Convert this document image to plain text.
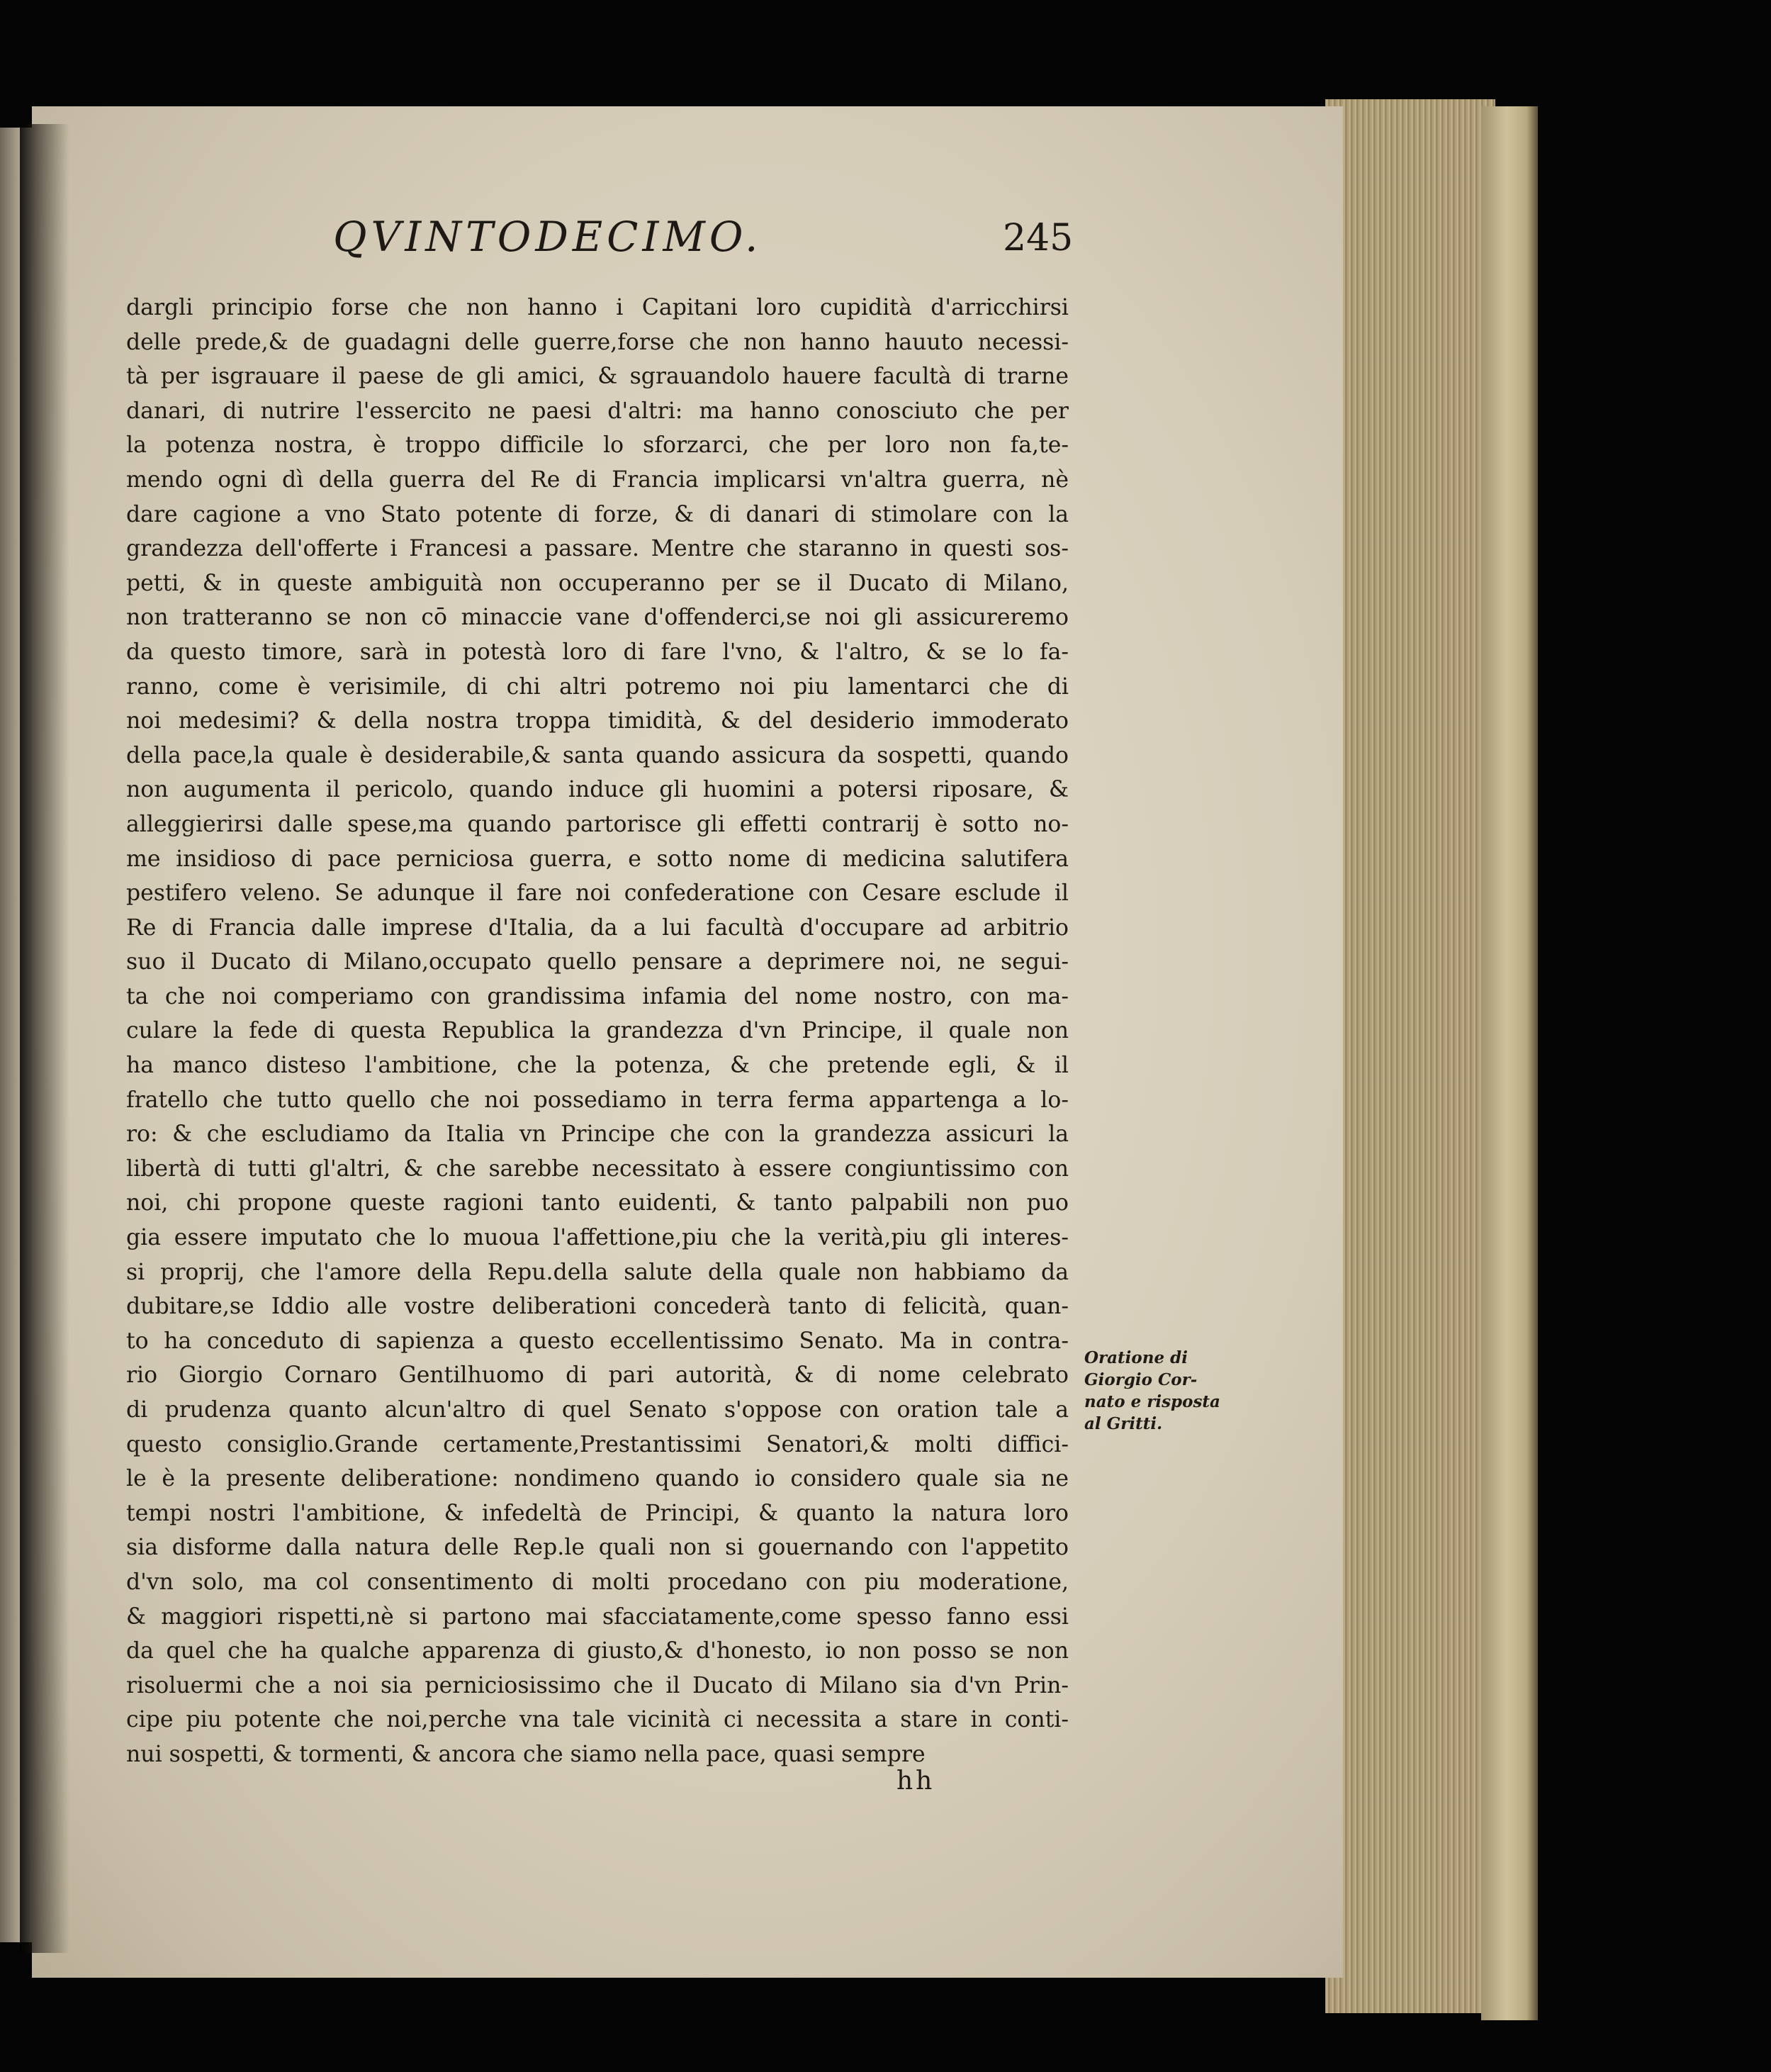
QVINTODECIMO.	245
dargli principio forse che non hanno i Capitani loro cupidità d'arricchirsi
delle prede,& de guadagni delle guerre,forse che non hanno hauuto necessi-
tà per isgrauare il paese de gli amici, & sgrauandolo hauere facultà di trarne
danari, di nutrire l'essercito ne paesi d'altri: ma hanno conosciuto che per
la potenza nostra, è troppo difficile lo sforzarci, che per loro non fa,te-
mendo ogni dì della guerra del Re di Francia implicarsi vn'altra guerra, nè
dare cagione a vno Stato potente di forze, & di danari di stimolare con la
grandezza dell'offerte i Francesi a passare. Mentre che staranno in questi sos-
petti, & in queste ambiguità non occuperanno per se il Ducato di Milano,
non tratteranno se non cō minaccie vane d'offenderci,se noi gli assicureremo
da questo timore, sarà in potestà loro di fare l'vno, & l'altro, & se lo fa-
ranno, come è verisimile, di chi altri potremo noi piu lamentarci che di
noi medesimi? & della nostra troppa timidità, & del desiderio immoderato
della pace,la quale è desiderabile,& santa quando assicura da sospetti, quando
non augumenta il pericolo, quando induce gli huomini a potersi riposare, &
alleggierirsi dalle spese,ma quando partorisce gli effetti contrarij è sotto no-
me insidioso di pace perniciosa guerra, e sotto nome di medicina salutifera
pestifero veleno. Se adunque il fare noi confederatione con Cesare esclude il
Re di Francia dalle imprese d'Italia, da a lui facultà d'occupare ad arbitrio
suo il Ducato di Milano,occupato quello pensare a deprimere noi, ne segui-
ta che noi comperiamo con grandissima infamia del nome nostro, con ma-
culare la fede di questa Republica la grandezza d'vn Principe, il quale non
ha manco disteso l'ambitione, che la potenza, & che pretende egli, & il
fratello che tutto quello che noi possediamo in terra ferma appartenga a lo-
ro: & che escludiamo da Italia vn Principe che con la grandezza assicuri la
libertà di tutti gl'altri, & che sarebbe necessitato à essere congiuntissimo con
noi, chi propone queste ragioni tanto euidenti, & tanto palpabili non puo
gia essere imputato che lo muoua l'affettione,piu che la verità,piu gli interes-
si proprij, che l'amore della Repu.della salute della quale non habbiamo da
dubitare,se Iddio alle vostre deliberationi concederà tanto di felicità, quan-
to ha conceduto di sapienza a questo eccellentissimo Senato. Ma in contra-
rio Giorgio Cornaro Gentilhuomo di pari autorità, & di nome celebrato
di prudenza quanto alcun'altro di quel Senato s'oppose con oration tale a
questo consiglio.Grande certamente,Prestantissimi Senatori,& molti diffici-
le è la presente deliberatione: nondimeno quando io considero quale sia ne
tempi nostri l'ambitione, & infedeltà de Principi, & quanto la natura loro
sia disforme dalla natura delle Rep.le quali non si gouernando con l'appetito
d'vn solo, ma col consentimento di molti procedano con piu moderatione,
& maggiori rispetti,nè si partono mai sfacciatamente,come spesso fanno essi
da quel che ha qualche apparenza di giusto,& d'honesto, io non posso se non
risoluermi che a noi sia perniciosissimo che il Ducato di Milano sia d'vn Prin-
cipe piu potente che noi,perche vna tale vicinità ci necessita a stare in conti-
nui sospetti, & tormenti, & ancora che siamo nella pace, quasi sempre
Oratione di
Giorgio Cor-
nato e risposta
al Gritti.
hh
